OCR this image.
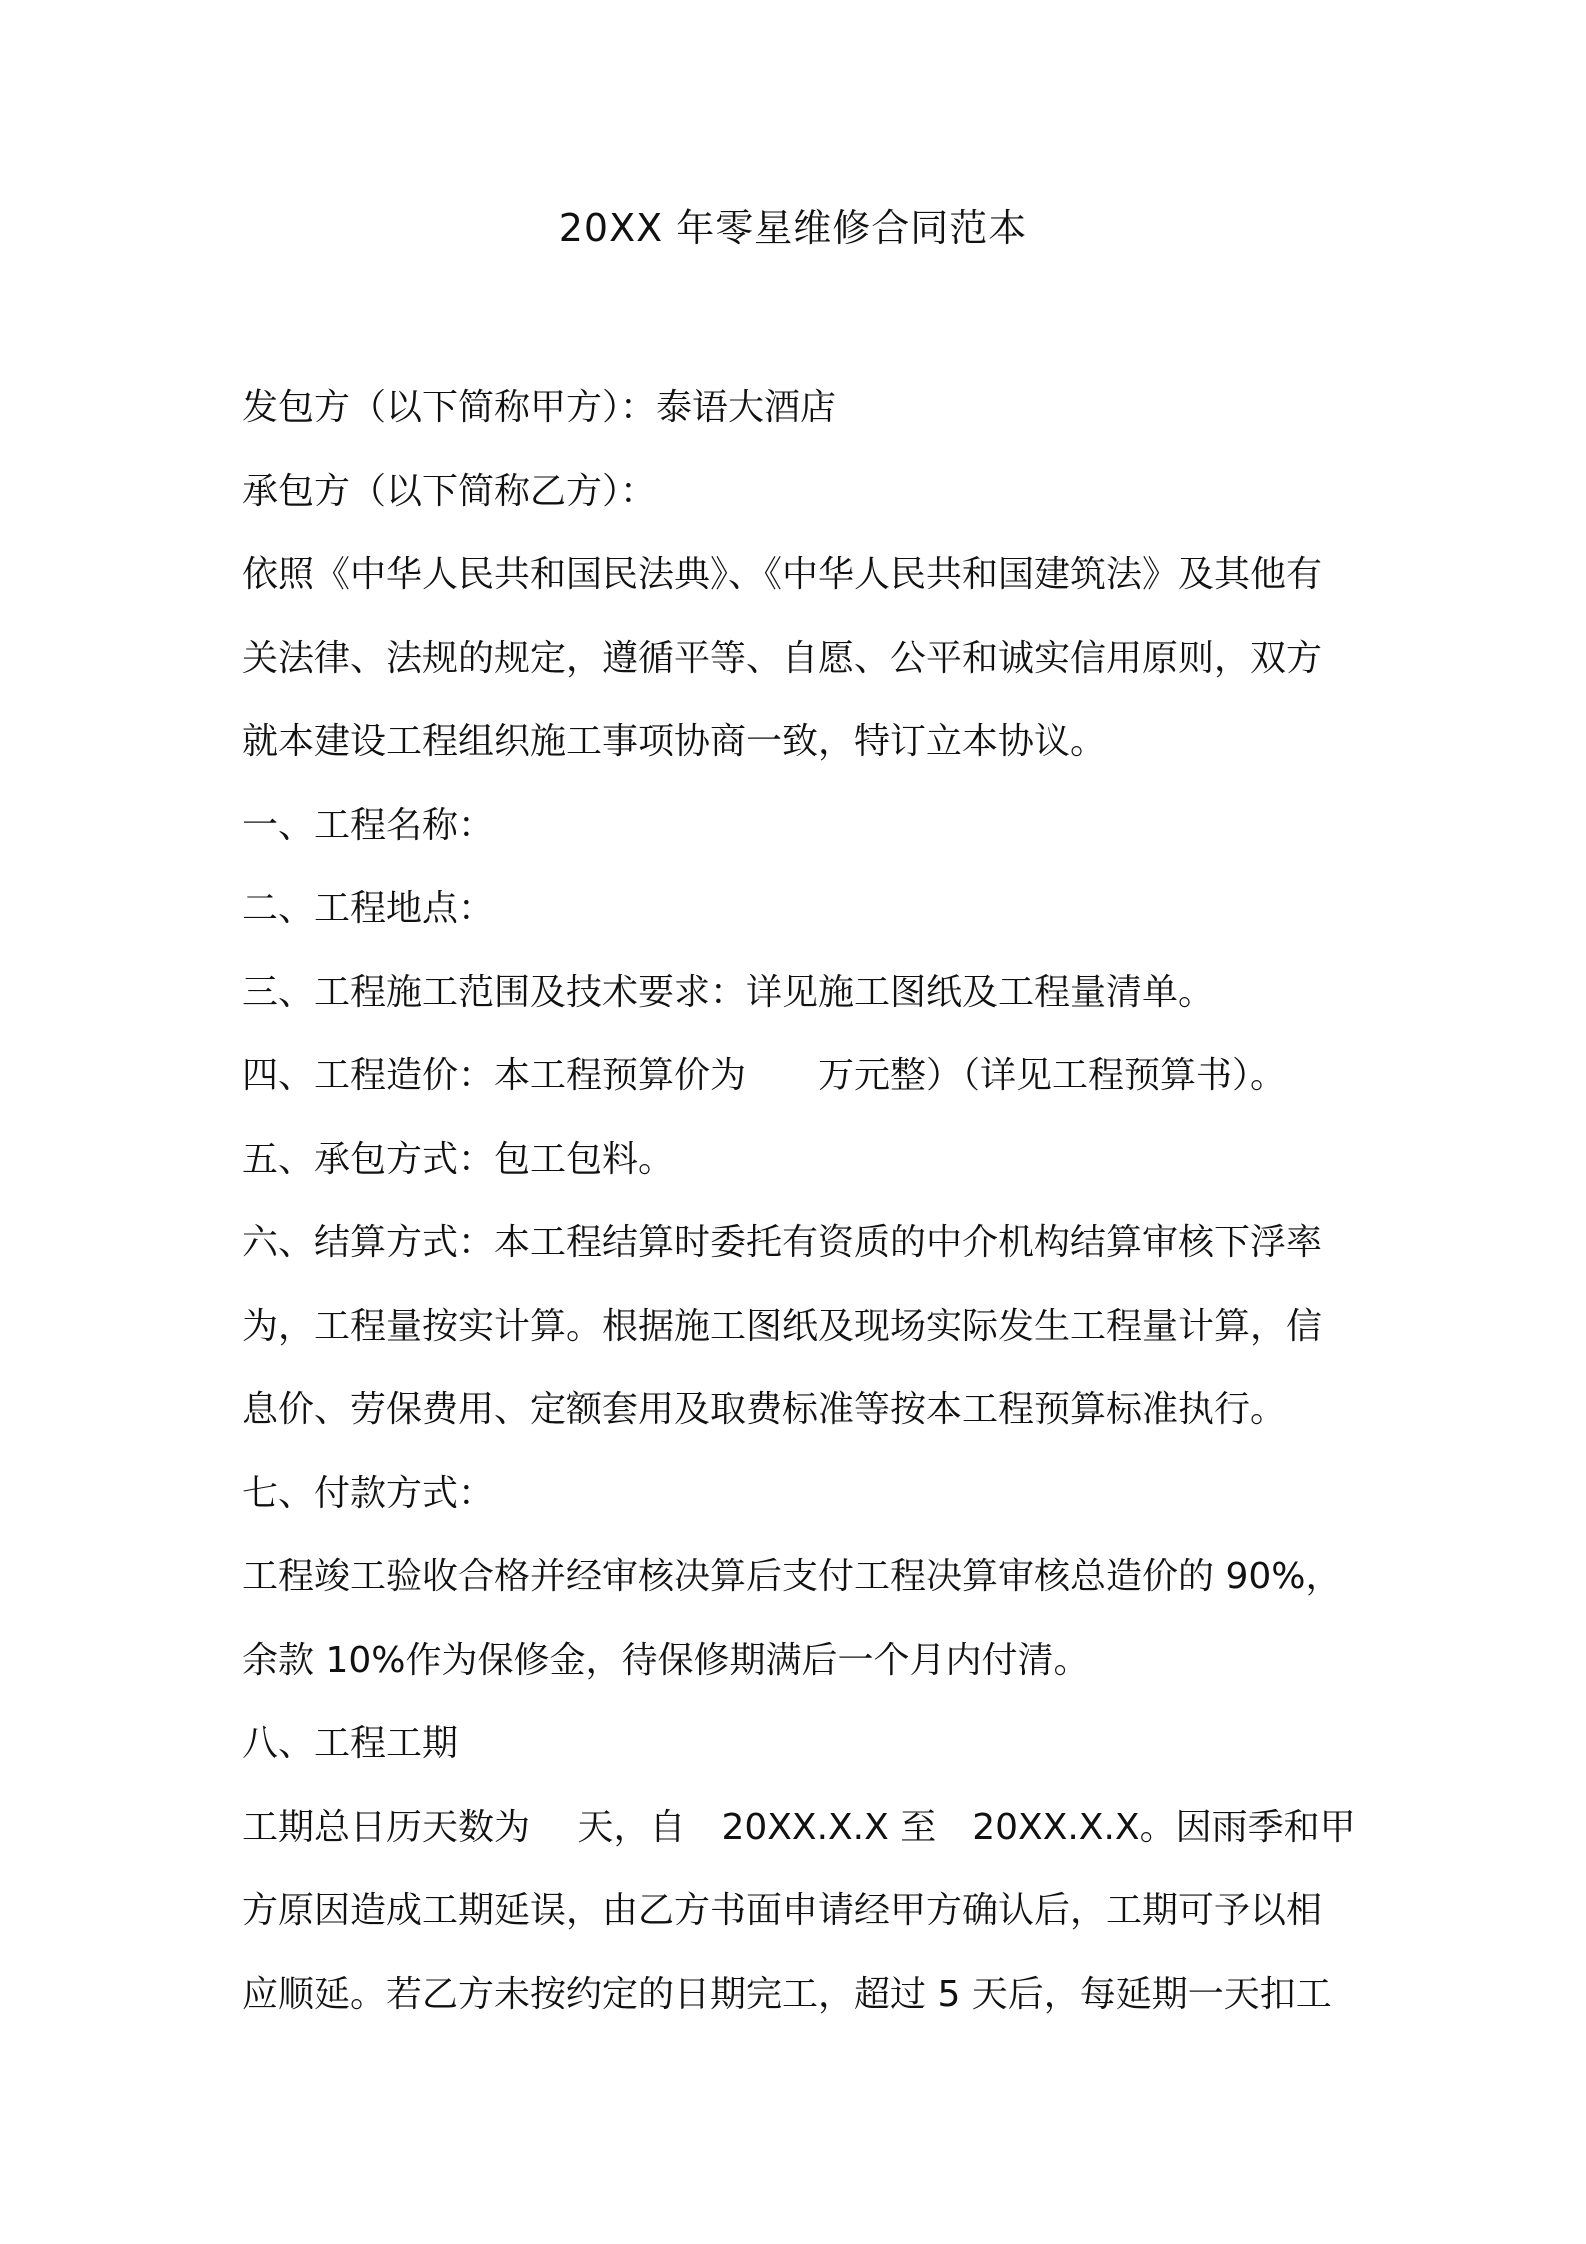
20XX 年零星维修合同范本

发包方（以下简称甲方）：泰语大酒店

承包方（以下简称乙方）：

依照《中华人民共和国民法典》、《中华人民共和国建筑法》及其他有

关法律、法规的规定，遵循平等、自愿、公平和诚实信用原则，双方

就本建设工程组织施工事项协商一致，特订立本协议。

一、工程名称：

二、工程地点：

三、工程施工范围及技术要求：详见施工图纸及工程量清单。

四、工程造价：本工程预算价为　　万元整）（详见工程预算书）。

五、承包方式：包工包料。

六、结算方式：本工程结算时委托有资质的中介机构结算审核下浮率

为，工程量按实计算。根据施工图纸及现场实际发生工程量计算，信

息价、劳保费用、定额套用及取费标准等按本工程预算标准执行。

七、付款方式：

工程竣工验收合格并经审核决算后支付工程决算审核总造价的 90%，

余款 10%作为保修金，待保修期满后一个月内付清。

八、工程工期

工期总日历天数为　 天，自　20XX.X.X 至　20XX.X.X。因雨季和甲

方原因造成工期延误，由乙方书面申请经甲方确认后，工期可予以相

应顺延。若乙方未按约定的日期完工，超过 5 天后，每延期一天扣工
